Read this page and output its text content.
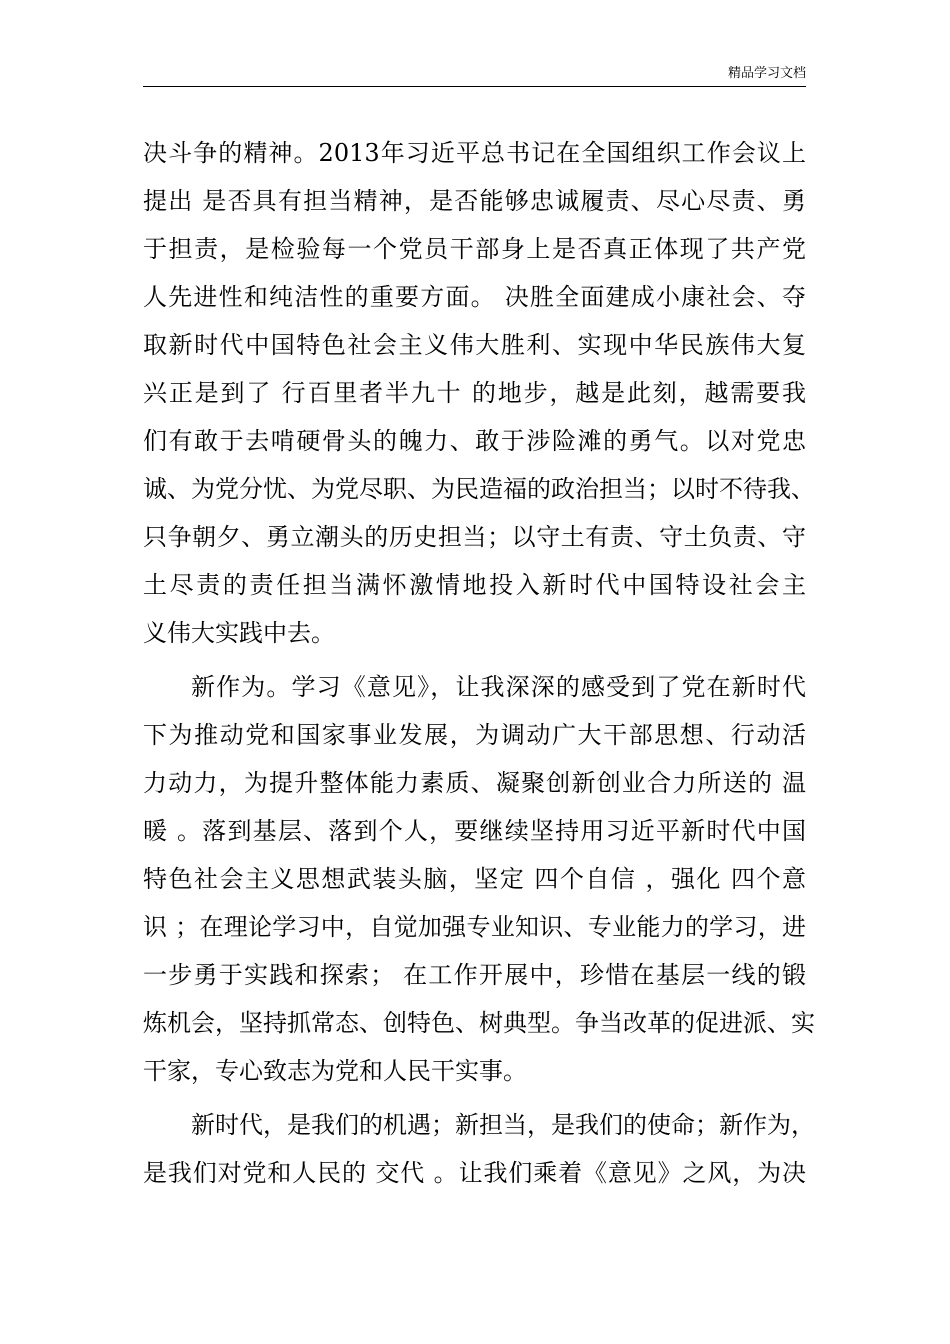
精品学习文档
决斗争的精神。2013年习近平总书记在全国组织工作会议上
提出 是否具有担当精神，是否能够忠诚履责、尽心尽责、勇
于担责，是检验每一个党员干部身上是否真正体现了共产党
人先进性和纯洁性的重要方面。 决胜全面建成小康社会、夺
取新时代中国特色社会主义伟大胜利、实现中华民族伟大复
兴正是到了 行百里者半九十 的地步，越是此刻，越需要我
们有敢于去啃硬骨头的魄力、敢于涉险滩的勇气。以对党忠
诚、为党分忧、为党尽职、为民造福的政治担当；以时不待我、
只争朝夕、勇立潮头的历史担当；以守土有责、守土负责、守
土尽责的责任担当满怀激情地投入新时代中国特设社会主
义伟大实践中去。
新作为。学习《意见》，让我深深的感受到了党在新时代
下为推动党和国家事业发展，为调动广大干部思想、行动活
力动力，为提升整体能力素质、凝聚创新创业合力所送的 温
暖 。落到基层、落到个人，要继续坚持用习近平新时代中国
特色社会主义思想武装头脑，坚定 四个自信 ，强化 四个意
识 ；在理论学习中，自觉加强专业知识、专业能力的学习，进
一步勇于实践和探索； 在工作开展中，珍惜在基层一线的锻
炼机会，坚持抓常态、创特色、树典型。争当改革的促进派、实
干家，专心致志为党和人民干实事。
新时代，是我们的机遇；新担当，是我们的使命；新作为，
是我们对党和人民的 交代 。让我们乘着《意见》之风，为决
